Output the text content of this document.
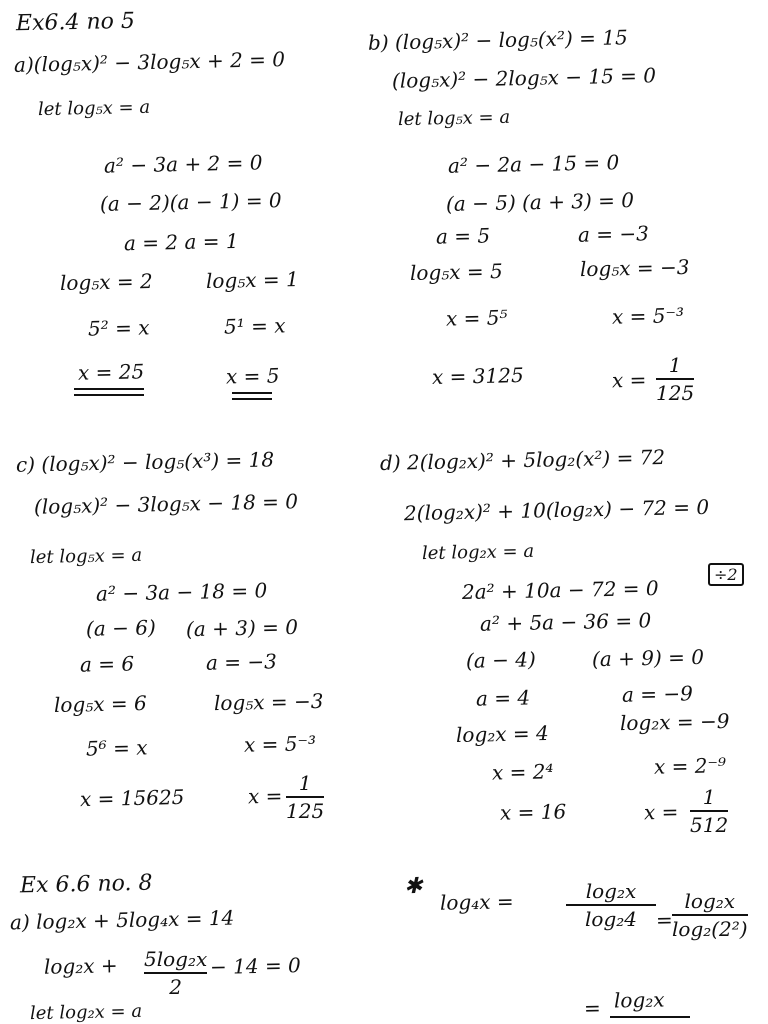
Ex6.4 no 5
a)(log₅x)² − 3log₅x + 2 = 0
let log₅x = a
a² − 3a + 2 = 0
(a − 2)(a − 1) = 0
a = 2 a = 1
log₅x = 2	log₅x = 1
5² = x	5¹ = x
x = 25	x = 5
b) (log₅x)² − log₅(x²) = 15
(log₅x)² − 2log₅x − 15 = 0
let log₅x = a
a² − 2a − 15 = 0
(a − 5) (a + 3) = 0
a = 5	a = −3
log₅x = 5	log₅x = −3
x = 5⁵	x = 5⁻³
x = 3125	x =
1
125
c) (log₅x)² − log₅(x³) = 18
(log₅x)² − 3log₅x − 18 = 0
let log₅x = a
a² − 3a − 18 = 0
(a − 6) (a + 3) = 0
a = 6	a = −3
log₅x = 6	log₅x = −3
5⁶ = x	x = 5⁻³
x = 15625	x =
1
125
d) 2(log₂x)² + 5log₂(x²) = 72
2(log₂x)² + 10(log₂x) − 72 = 0
let log₂x = a
2a² + 10a − 72 = 0
÷2
a² + 5a − 36 = 0
(a − 4)	(a + 9) = 0
a = 4	a = −9
log₂x = 4	log₂x = −9
x = 2⁴	x = 2⁻⁹
x = 16	x =
1
512
Ex 6.6 no. 8
a) log₂x + 5log₄x = 14
log₂x + 5log₂x
2
− 14 = 0
let log₂x = a
✱
log₄x =	log₂x
log₂4 =
log₂x
log₂(2²)
= log₂x
